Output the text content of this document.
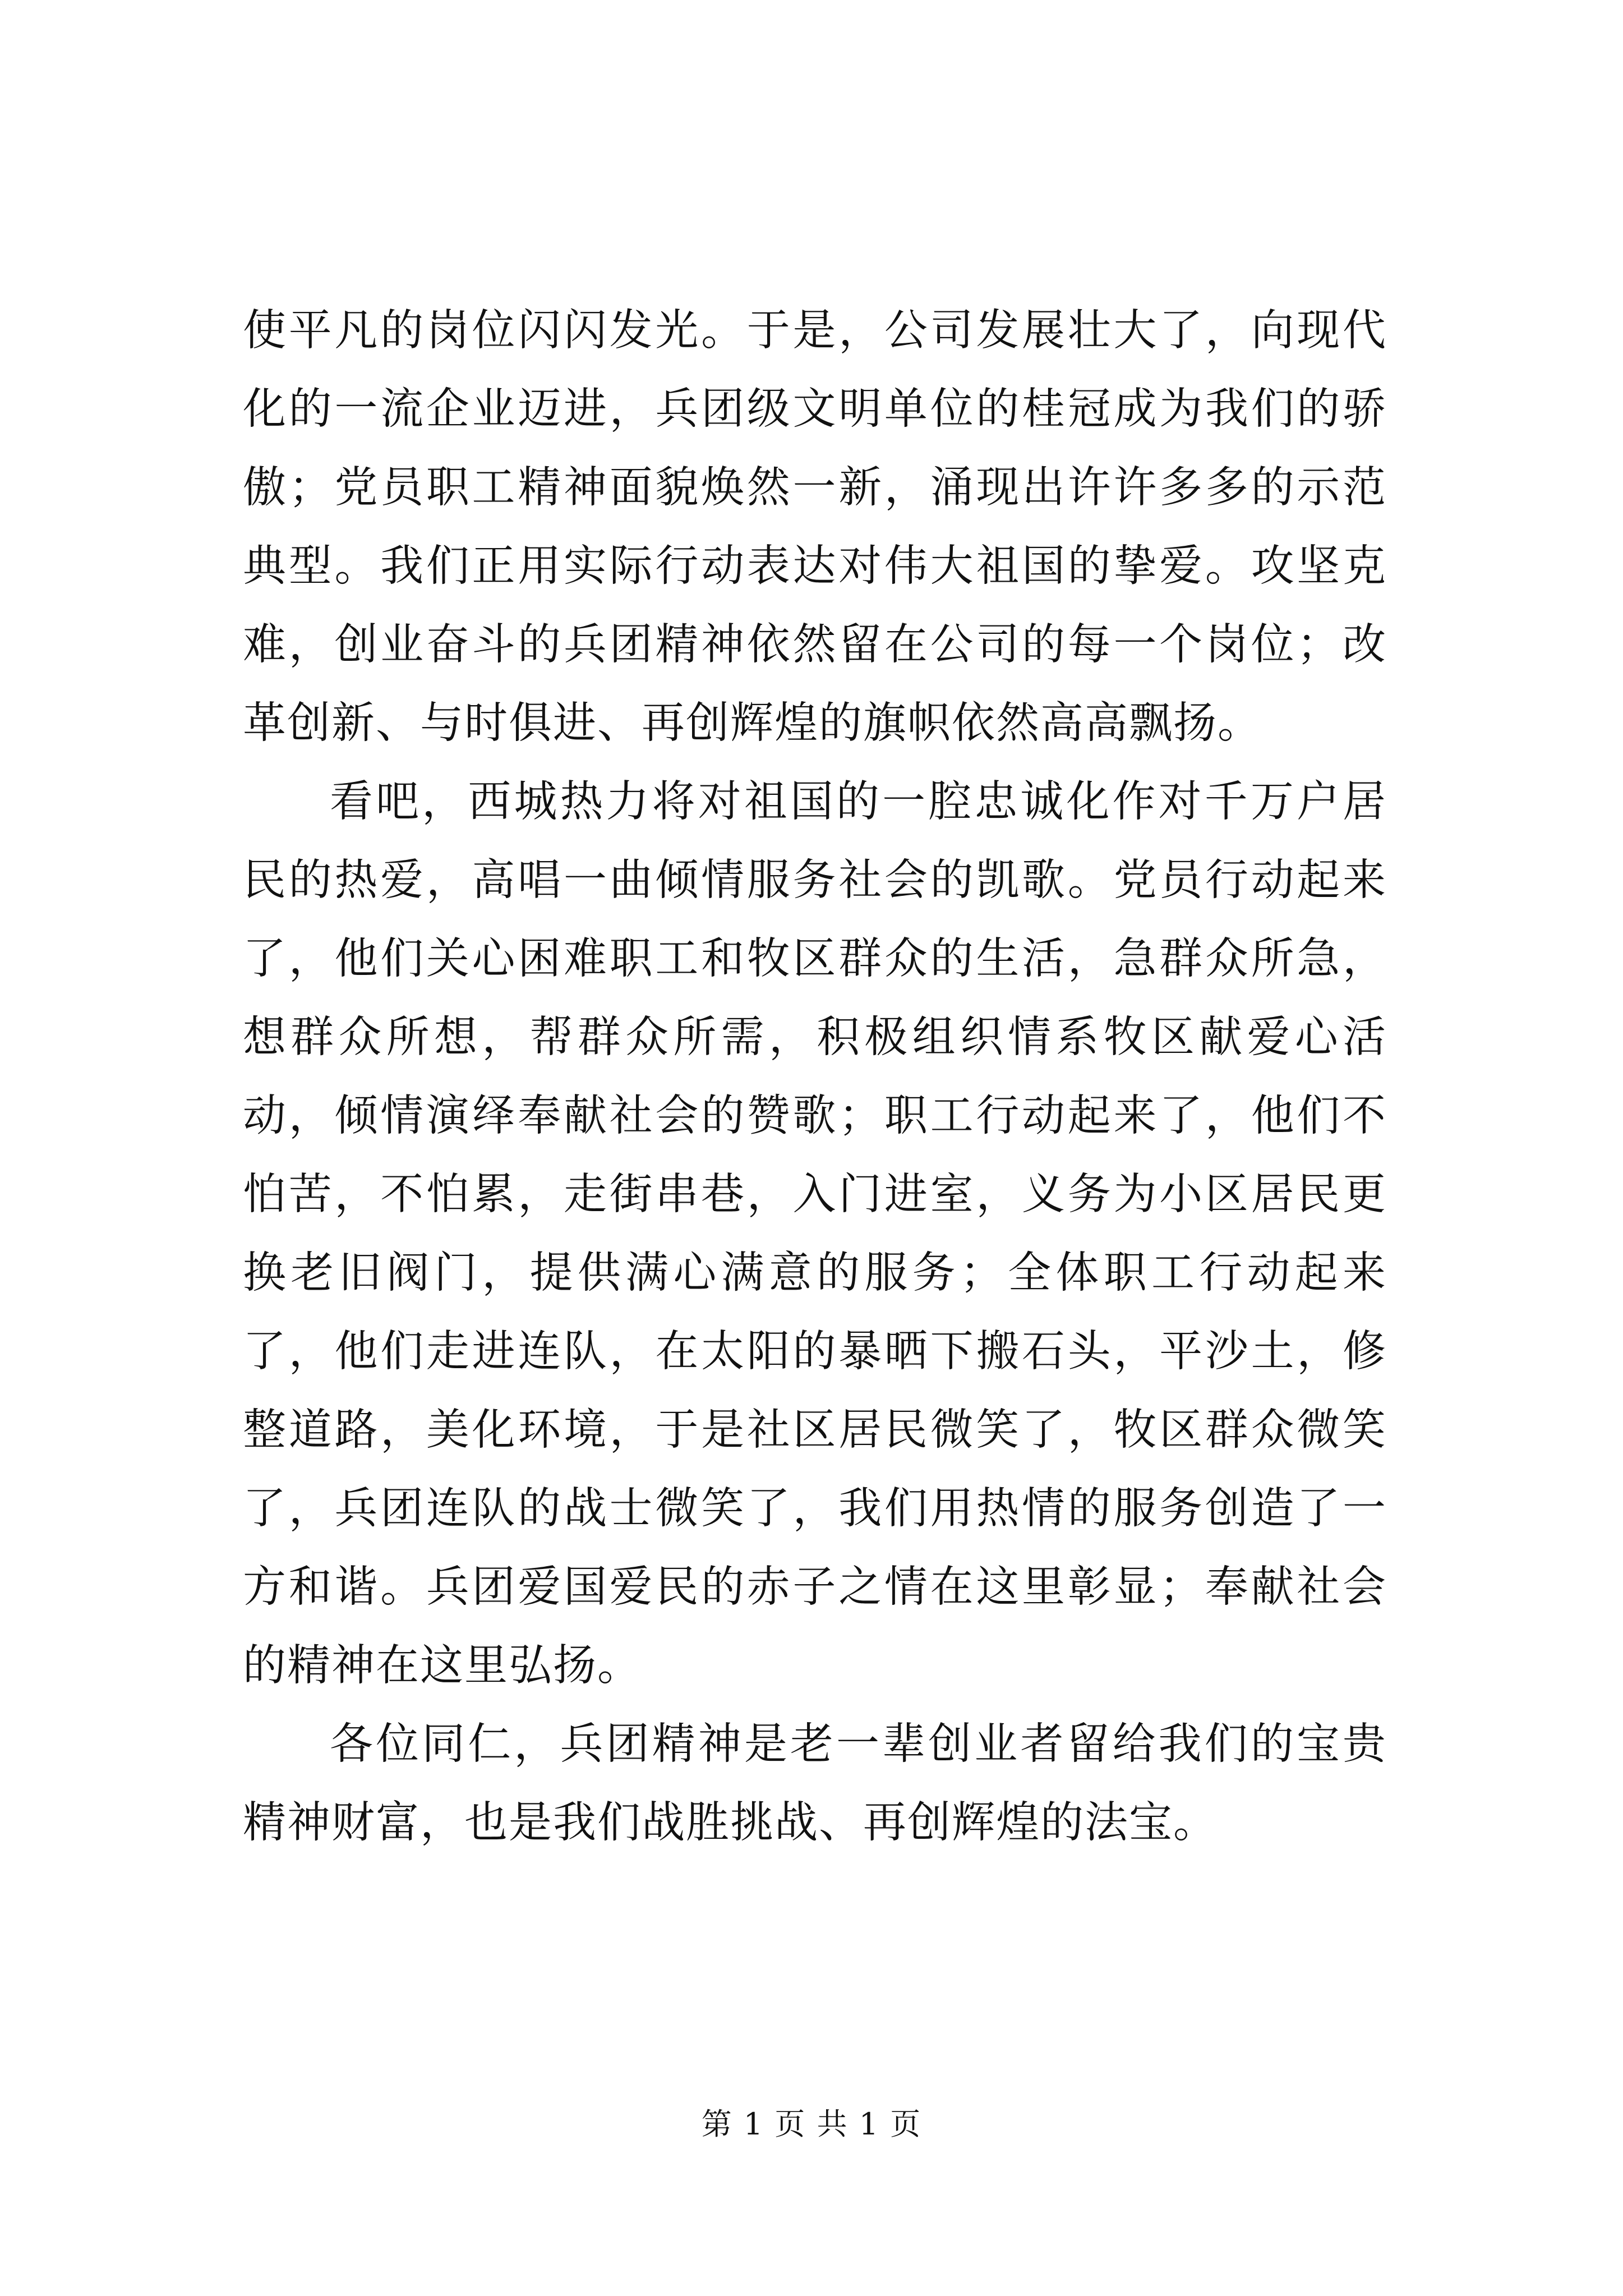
使平凡的岗位闪闪发光。于是，公司发展壮大了，向现代化的一流企业迈进，兵团级文明单位的桂冠成为我们的骄傲；党员职工精神面貌焕然一新，涌现出许许多多的示范典型。我们正用实际行动表达对伟大祖国的挚爱。攻坚克难，创业奋斗的兵团精神依然留在公司的每一个岗位；改革创新、与时俱进、再创辉煌的旗帜依然高高飘扬。

看吧，西城热力将对祖国的一腔忠诚化作对千万户居民的热爱，高唱一曲倾情服务社会的凯歌。党员行动起来了，他们关心困难职工和牧区群众的生活，急群众所急，想群众所想，帮群众所需，积极组织情系牧区献爱心活动，倾情演绎奉献社会的赞歌；职工行动起来了，他们不怕苦，不怕累，走街串巷，入门进室，义务为小区居民更换老旧阀门，提供满心满意的服务；全体职工行动起来了，他们走进连队，在太阳的暴晒下搬石头，平沙土，修整道路，美化环境，于是社区居民微笑了，牧区群众微笑了，兵团连队的战士微笑了，我们用热情的服务创造了一方和谐。兵团爱国爱民的赤子之情在这里彰显；奉献社会的精神在这里弘扬。

各位同仁，兵团精神是老一辈创业者留给我们的宝贵精神财富，也是我们战胜挑战、再创辉煌的法宝。

第 1 页 共 1 页
